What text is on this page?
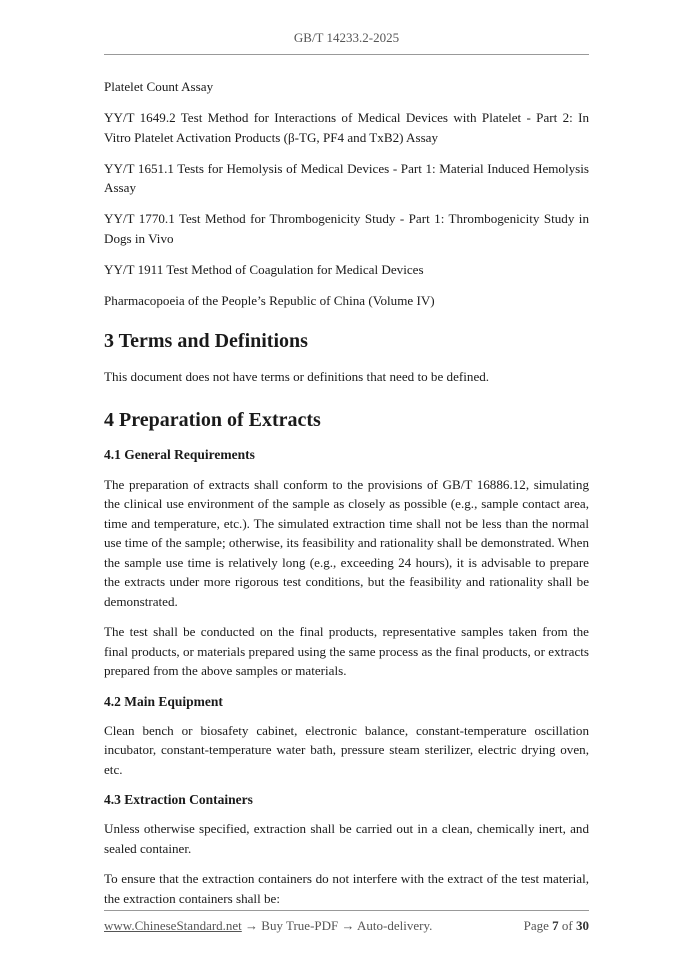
GB/T 14233.2-2025

Platelet Count Assay

YY/T 1649.2 Test Method for Interactions of Medical Devices with Platelet - Part 2: In Vitro Platelet Activation Products (β-TG, PF4 and TxB2) Assay

YY/T 1651.1 Tests for Hemolysis of Medical Devices - Part 1: Material Induced Hemolysis Assay

YY/T 1770.1 Test Method for Thrombogenicity Study - Part 1: Thrombogenicity Study in Dogs in Vivo

YY/T 1911 Test Method of Coagulation for Medical Devices

Pharmacopoeia of the People’s Republic of China (Volume IV)

3 Terms and Definitions

This document does not have terms or definitions that need to be defined.

4 Preparation of Extracts
4.1 General Requirements

The preparation of extracts shall conform to the provisions of GB/T 16886.12, simulating the clinical use environment of the sample as closely as possible (e.g., sample contact area, time and temperature, etc.). The simulated extraction time shall not be less than the normal use time of the sample; otherwise, its feasibility and rationality shall be demonstrated. When the sample use time is relatively long (e.g., exceeding 24 hours), it is advisable to prepare the extracts under more rigorous test conditions, but the feasibility and rationality shall be demonstrated.

The test shall be conducted on the final products, representative samples taken from the final products, or materials prepared using the same process as the final products, or extracts prepared from the above samples or materials.

4.2 Main Equipment

Clean bench or biosafety cabinet, electronic balance, constant-temperature oscillation incubator, constant-temperature water bath, pressure steam sterilizer, electric drying oven, etc.

4.3 Extraction Containers

Unless otherwise specified, extraction shall be carried out in a clean, chemically inert, and sealed container.

To ensure that the extraction containers do not interfere with the extract of the test material, the extraction containers shall be:

www.ChineseStandard.net → Buy True-PDF → Auto-delivery.	Page 7 of 30
